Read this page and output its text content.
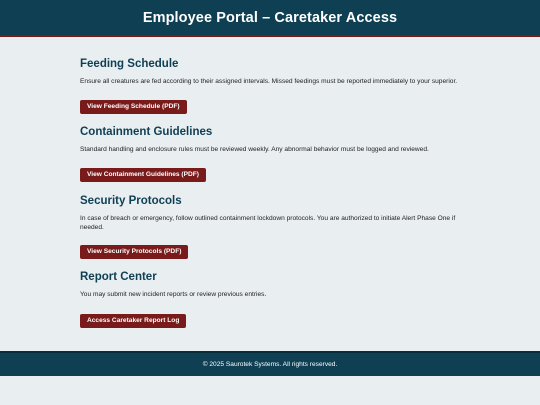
Employee Portal – Caretaker Access
Feeding Schedule

Ensure all creatures are fed according to their assigned intervals. Missed feedings must be reported immediately to your superior.

View Feeding Schedule (PDF)
Containment Guidelines

Standard handling and enclosure rules must be reviewed weekly. Any abnormal behavior must be logged and reviewed.

View Containment Guidelines (PDF)
Security Protocols

In case of breach or emergency, follow outlined containment lockdown protocols. You are authorized to initiate Alert Phase One if needed.

View Security Protocols (PDF)
Report Center

You may submit new incident reports or review previous entries.

Access Caretaker Report Log
© 2025 Saurotek Systems. All rights reserved.
